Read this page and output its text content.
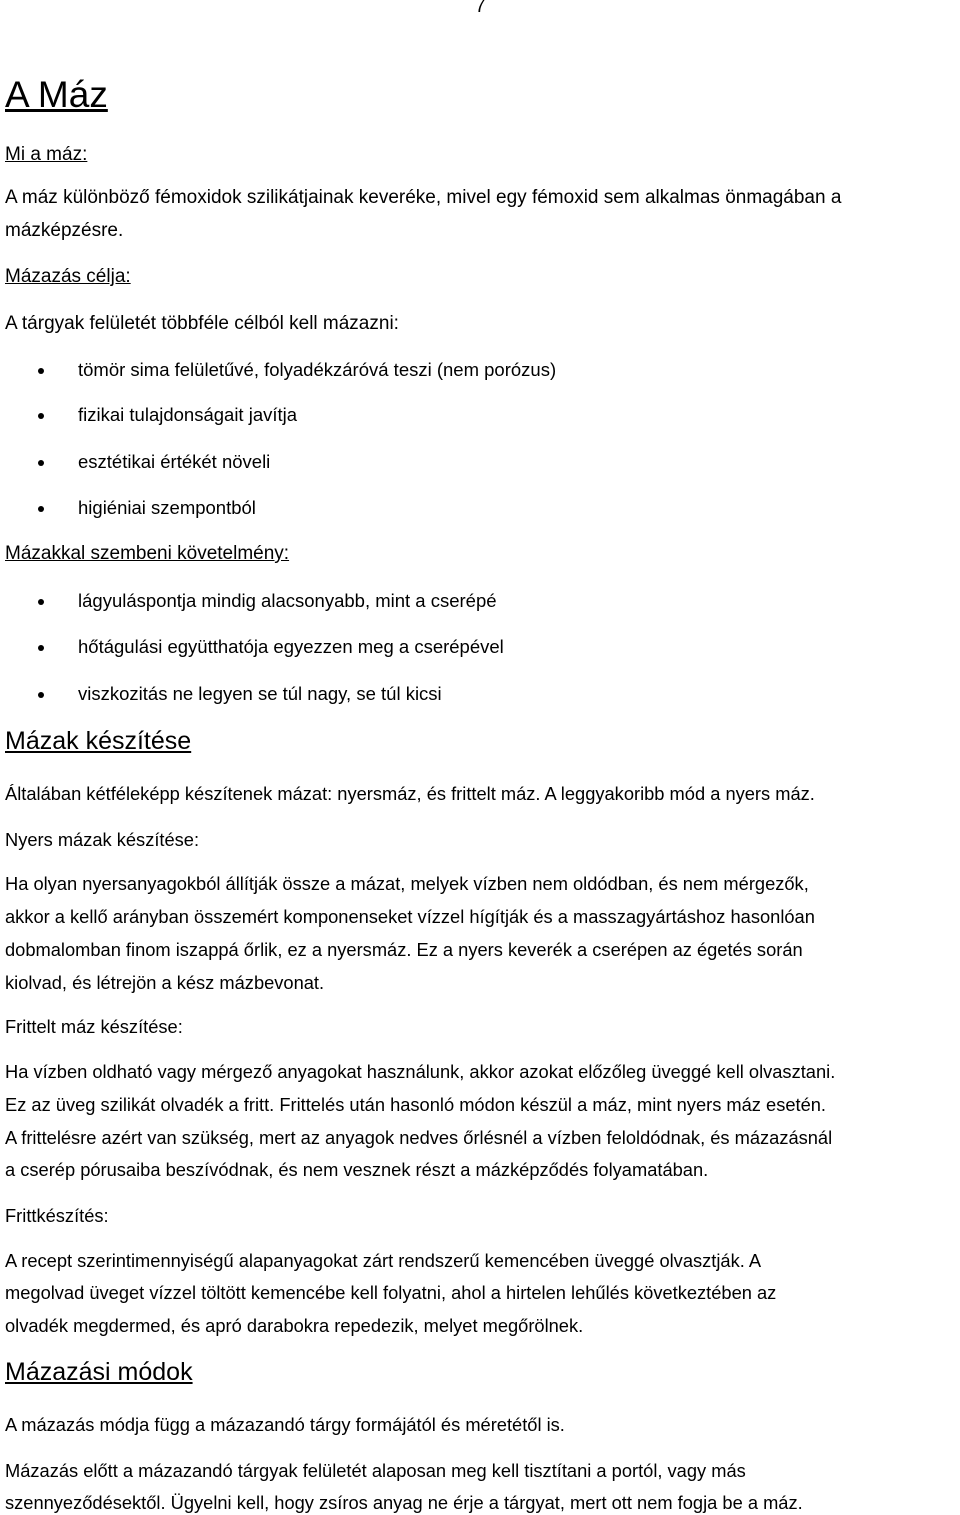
7
A Máz
Mi a máz:
A máz különböző fémoxidok szilikátjainak keveréke, mivel egy fémoxid sem alkalmas önmagában a
mázképzésre.
Mázazás célja:
A tárgyak felületét többféle célból kell mázazni:
tömör sima felületűvé, folyadékzáróvá teszi (nem porózus)
fizikai tulajdonságait javítja
esztétikai értékét növeli
higiéniai szempontból
Mázakkal szembeni követelmény:
lágyuláspontja mindig alacsonyabb, mint a cserépé
hőtágulási együtthatója egyezzen meg a cserépével
viszkozitás ne legyen se túl nagy, se túl kicsi
Mázak készítése
Általában kétféleképp készítenek mázat: nyersmáz, és frittelt máz. A leggyakoribb mód a nyers máz.
Nyers mázak készítése:
Ha olyan nyersanyagokból állítják össze a mázat, melyek vízben nem oldódban, és nem mérgezők,
akkor a kellő arányban összemért komponenseket vízzel hígítják és a masszagyártáshoz hasonlóan
dobmalomban finom iszappá őrlik, ez a nyersmáz. Ez a nyers keverék a cserépen az égetés során
kiolvad, és létrejön a kész mázbevonat.
Frittelt máz készítése:
Ha vízben oldható vagy mérgező anyagokat használunk, akkor azokat előzőleg üveggé kell olvasztani.
Ez az üveg szilikát olvadék a fritt. Frittelés után hasonló módon készül a máz, mint nyers máz esetén.
A frittelésre azért van szükség, mert az anyagok nedves őrlésnél a vízben feloldódnak, és mázazásnál
a cserép pórusaiba beszívódnak, és nem vesznek részt a mázképződés folyamatában.
Frittkészítés:
A recept szerintimennyiségű alapanyagokat zárt rendszerű kemencében üveggé olvasztják. A
megolvad üveget vízzel töltött kemencébe kell folyatni, ahol a hirtelen lehűlés következtében az
olvadék megdermed, és apró darabokra repedezik, melyet megőrölnek.
Mázazási módok
A mázazás módja függ a mázazandó tárgy formájától és méretétől is.
Mázazás előtt a mázazandó tárgyak felületét alaposan meg kell tisztítani a portól, vagy más
szennyeződésektől. Ügyelni kell, hogy zsíros anyag ne érje a tárgyat, mert ott nem fogja be a máz.
